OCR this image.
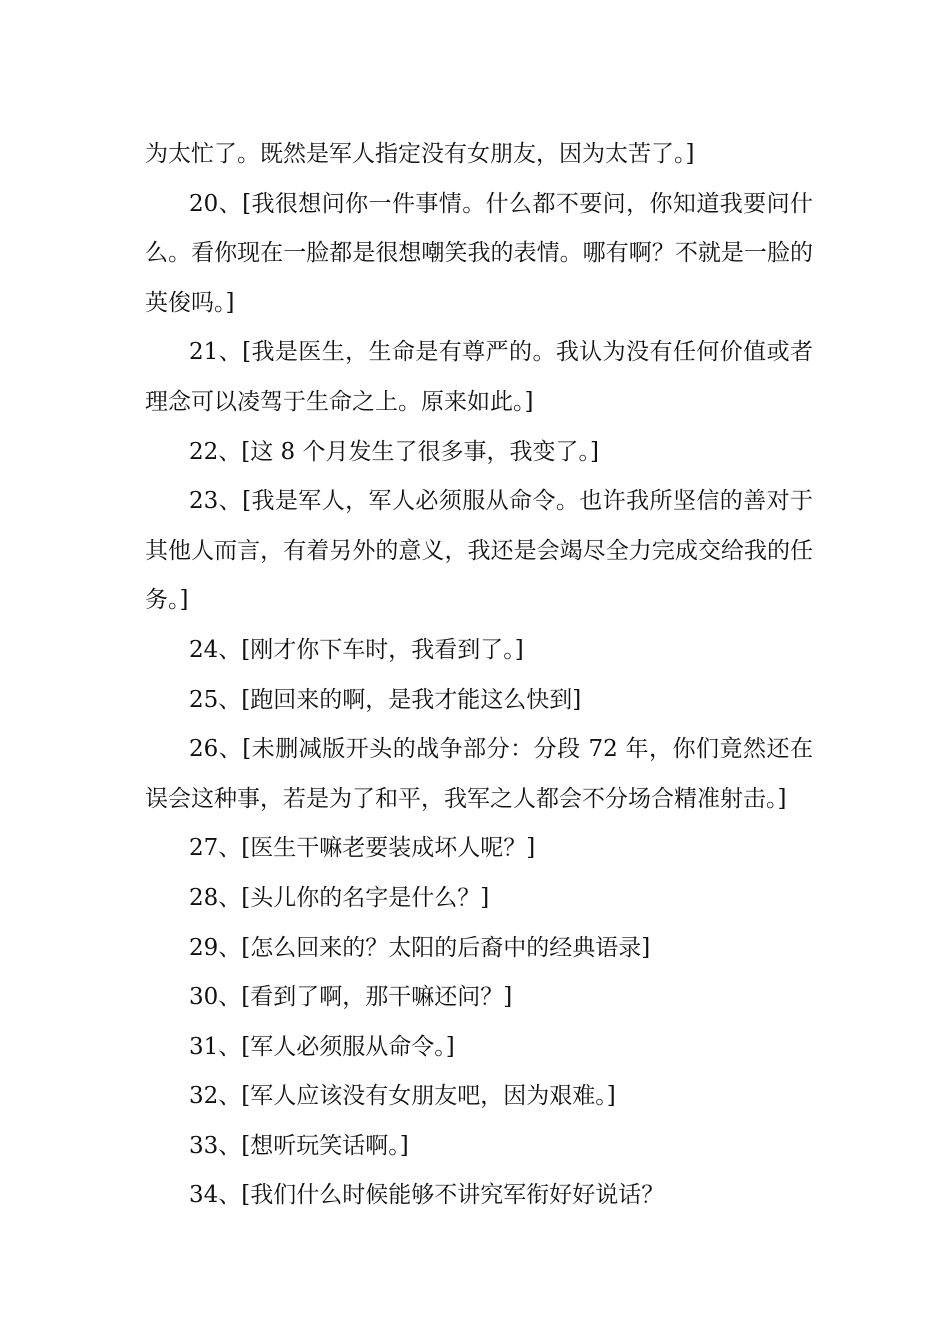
为太忙了。既然是军人指定没有女朋友，因为太苦了。]

20、[我很想问你一件事情。什么都不要问，你知道我要问什么。看你现在一脸都是很想嘲笑我的表情。哪有啊？不就是一脸的英俊吗。]

21、[我是医生，生命是有尊严的。我认为没有任何价值或者理念可以凌驾于生命之上。原来如此。]

22、[这 8 个月发生了很多事，我变了。]

23、[我是军人，军人必须服从命令。也许我所坚信的善对于其他人而言，有着另外的意义，我还是会竭尽全力完成交给我的任务。]

24、[刚才你下车时，我看到了。]

25、[跑回来的啊，是我才能这么快到]

26、[未删减版开头的战争部分：分段 72 年，你们竟然还在误会这种事，若是为了和平，我军之人都会不分场合精准射击。]

27、[医生干嘛老要装成坏人呢？]

28、[头儿你的名字是什么？]

29、[怎么回来的？太阳的后裔中的经典语录]

30、[看到了啊，那干嘛还问？]

31、[军人必须服从命令。]

32、[军人应该没有女朋友吧，因为艰难。]

33、[想听玩笑话啊。]

34、[我们什么时候能够不讲究军衔好好说话？
